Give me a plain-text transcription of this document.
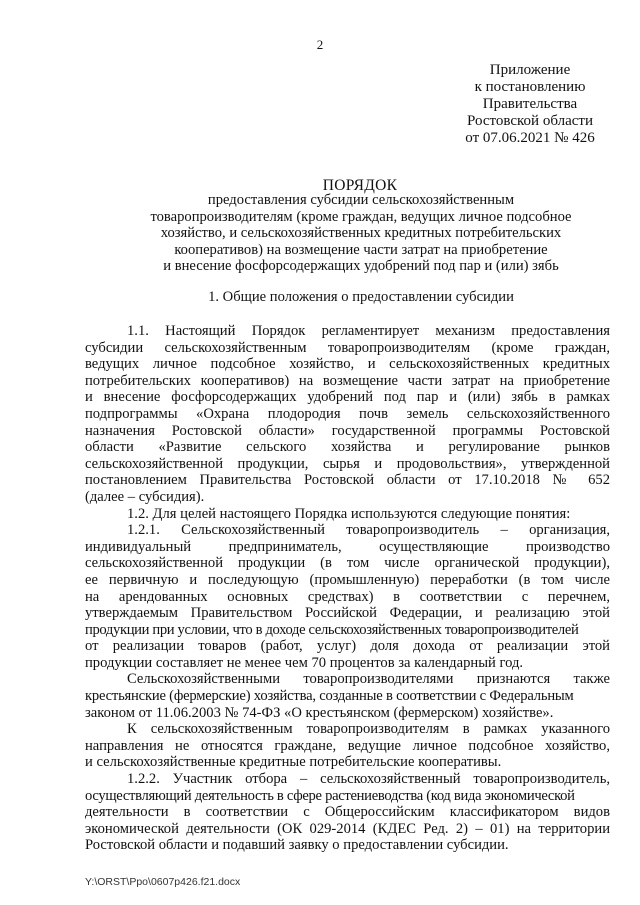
2
Приложение
к постановлению
Правительства
Ростовской области
от 07.06.2021 № 426
ПОРЯДОК
предоставления субсидии сельскохозяйственным
товаропроизводителям (кроме граждан, ведущих личное подсобное
хозяйство, и сельскохозяйственных кредитных потребительских
кооперативов) на возмещение части затрат на приобретение
и внесение фосфорсодержащих удобрений под пар и (или) зябь
1. Общие положения о предоставлении субсидии
1.1. Настоящий Порядок регламентирует механизм предоставления
субсидии сельскохозяйственным товаропроизводителям (кроме граждан,
ведущих личное подсобное хозяйство, и сельскохозяйственных кредитных
потребительских кооперативов) на возмещение части затрат на приобретение
и внесение фосфорсодержащих удобрений под пар и (или) зябь в рамках
подпрограммы «Охрана плодородия почв земель сельскохозяйственного
назначения Ростовской области» государственной программы Ростовской
области «Развитие сельского хозяйства и регулирование рынков
сельскохозяйственной продукции, сырья и продовольствия», утвержденной
постановлением Правительства Ростовской области от 17.10.2018 № 652
(далее – субсидия).
1.2. Для целей настоящего Порядка используются следующие понятия:
1.2.1. Сельскохозяйственный товаропроизводитель – организация,
индивидуальный предприниматель, осуществляющие производство
сельскохозяйственной продукции (в том числе органической продукции),
ее первичную и последующую (промышленную) переработки (в том числе
на арендованных основных средствах) в соответствии с перечнем,
утверждаемым Правительством Российской Федерации, и реализацию этой
продукции при условии, что в доходе сельскохозяйственных товаропроизводителей
от реализации товаров (работ, услуг) доля дохода от реализации этой
продукции составляет не менее чем 70 процентов за календарный год.
Сельскохозяйственными товаропроизводителями признаются также
крестьянские (фермерские) хозяйства, созданные в соответствии с Федеральным
законом от 11.06.2003 № 74-ФЗ «О крестьянском (фермерском) хозяйстве».
К сельскохозяйственным товаропроизводителям в рамках указанного
направления не относятся граждане, ведущие личное подсобное хозяйство,
и сельскохозяйственные кредитные потребительские кооперативы.
1.2.2. Участник отбора – сельскохозяйственный товаропроизводитель,
осуществляющий деятельность в сфере растениеводства (код вида экономической
деятельности в соответствии с Общероссийским классификатором видов
экономической деятельности (ОК 029-2014 (КДЕС Ред. 2) – 01) на территории
Ростовской области и подавший заявку о предоставлении субсидии.
Y:\ORST\Ppo\0607p426.f21.docx
